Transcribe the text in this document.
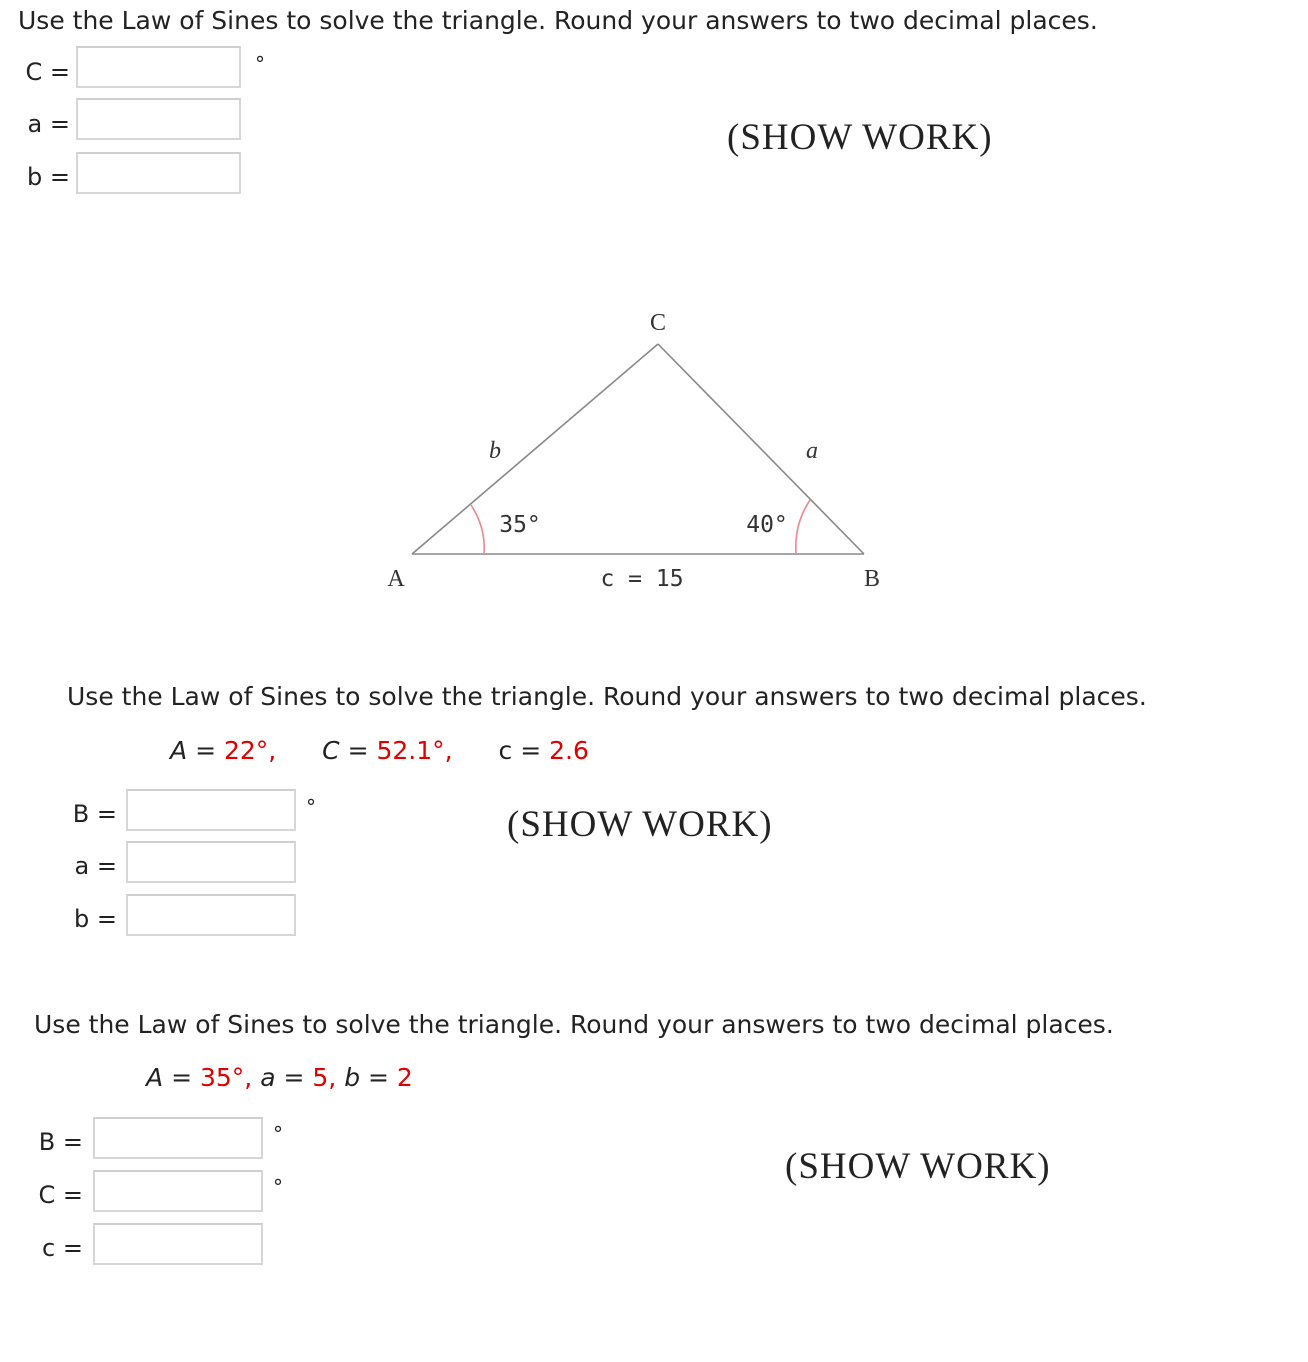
Use the Law of Sines to solve the triangle. Round your answers to two decimal places.
C =	°
a =
b =
(SHOW WORK)
C
A	B
b	a
c = 15
35°	40°
Use the Law of Sines to solve the triangle. Round your answers to two decimal places.
A = 22°, C = 52.1°, c = 2.6
B =	°
a =
b =
(SHOW WORK)
Use the Law of Sines to solve the triangle. Round your answers to two decimal places.
A = 35°, a = 5, b = 2
B =	°
C =	°
c =
(SHOW WORK)
